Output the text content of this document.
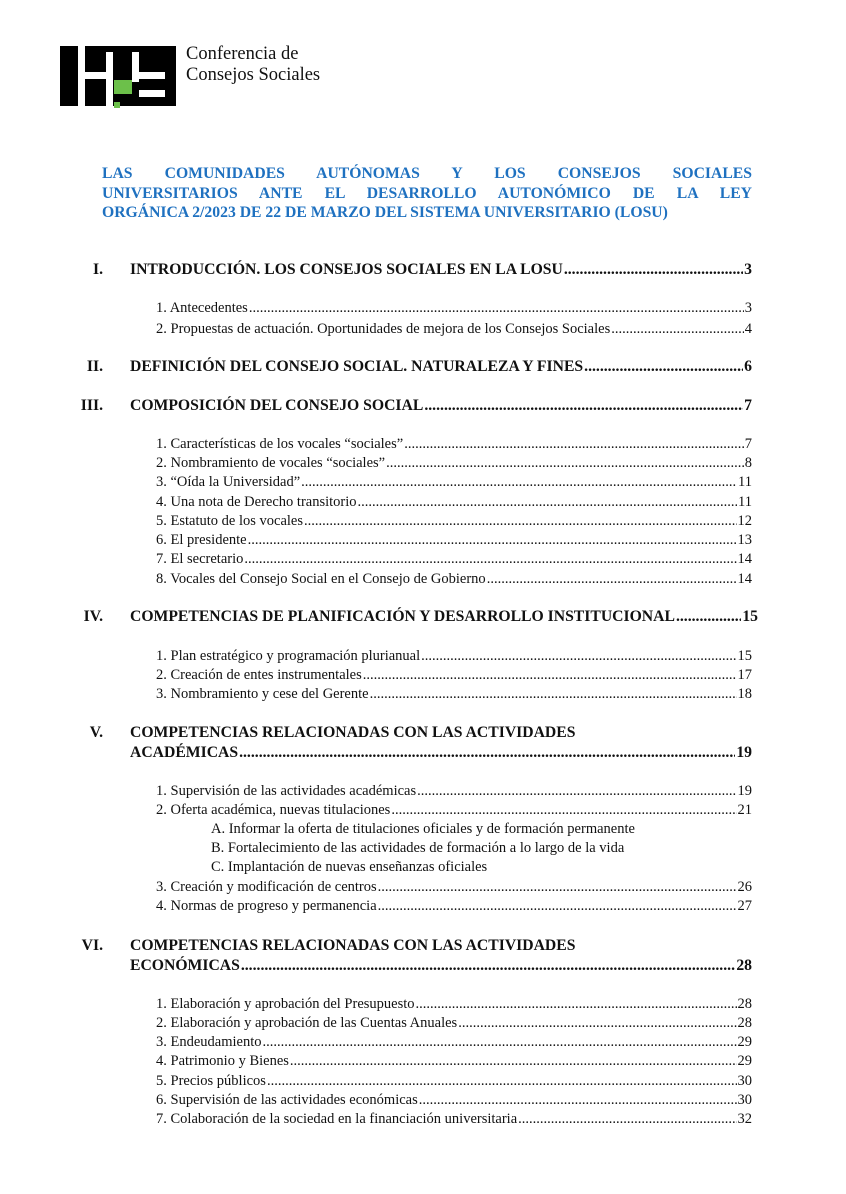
Conferencia de
Consejos Sociales
LAS COMUNIDADES AUTÓNOMAS Y LOS CONSEJOS SOCIALES
UNIVERSITARIOS ANTE EL DESARROLLO AUTONÓMICO DE LA LEY
ORGÁNICA 2/2023 DE 22 DE MARZO DEL SISTEMA UNIVERSITARIO (LOSU)
I. INTRODUCCIÓN. LOS CONSEJOS SOCIALES EN LA LOSU .....	3
1. Antecedentes .....	3
2. Propuestas de actuación. Oportunidades de mejora de los Consejos Sociales .....	4
II. DEFINICIÓN DEL CONSEJO SOCIAL. NATURALEZA Y FINES .....	6
III. COMPOSICIÓN DEL CONSEJO SOCIAL .....	7
1. Características de los vocales “sociales” .....	7
2. Nombramiento de vocales “sociales” .....	8
3. “Oída la Universidad” .....	11
4. Una nota de Derecho transitorio .....	11
5. Estatuto de los vocales .....	12
6. El presidente .....	13
7. El secretario .....	14
8. Vocales del Consejo Social en el Consejo de Gobierno .....	14
IV. COMPETENCIAS DE PLANIFICACIÓN Y DESARROLLO INSTITUCIONAL .....	15
1. Plan estratégico y programación plurianual .....	15
2. Creación de entes instrumentales .....	17
3. Nombramiento y cese del Gerente .....	18
V. COMPETENCIAS RELACIONADAS CON LAS ACTIVIDADES
ACADÉMICAS .....	19
1. Supervisión de las actividades académicas .....	19
2. Oferta académica, nuevas titulaciones .....	21
A. Informar la oferta de titulaciones oficiales y de formación permanente
B. Fortalecimiento de las actividades de formación a lo largo de la vida
C. Implantación de nuevas enseñanzas oficiales
3. Creación y modificación de centros .....	26
4. Normas de progreso y permanencia .....	27
VI. COMPETENCIAS RELACIONADAS CON LAS ACTIVIDADES
ECONÓMICAS .....	28
1. Elaboración y aprobación del Presupuesto .....	28
2. Elaboración y aprobación de las Cuentas Anuales .....	28
3. Endeudamiento .....	29
4. Patrimonio y Bienes .....	29
5. Precios públicos .....	30
6. Supervisión de las actividades económicas .....	30
7. Colaboración de la sociedad en la financiación universitaria .....	32
